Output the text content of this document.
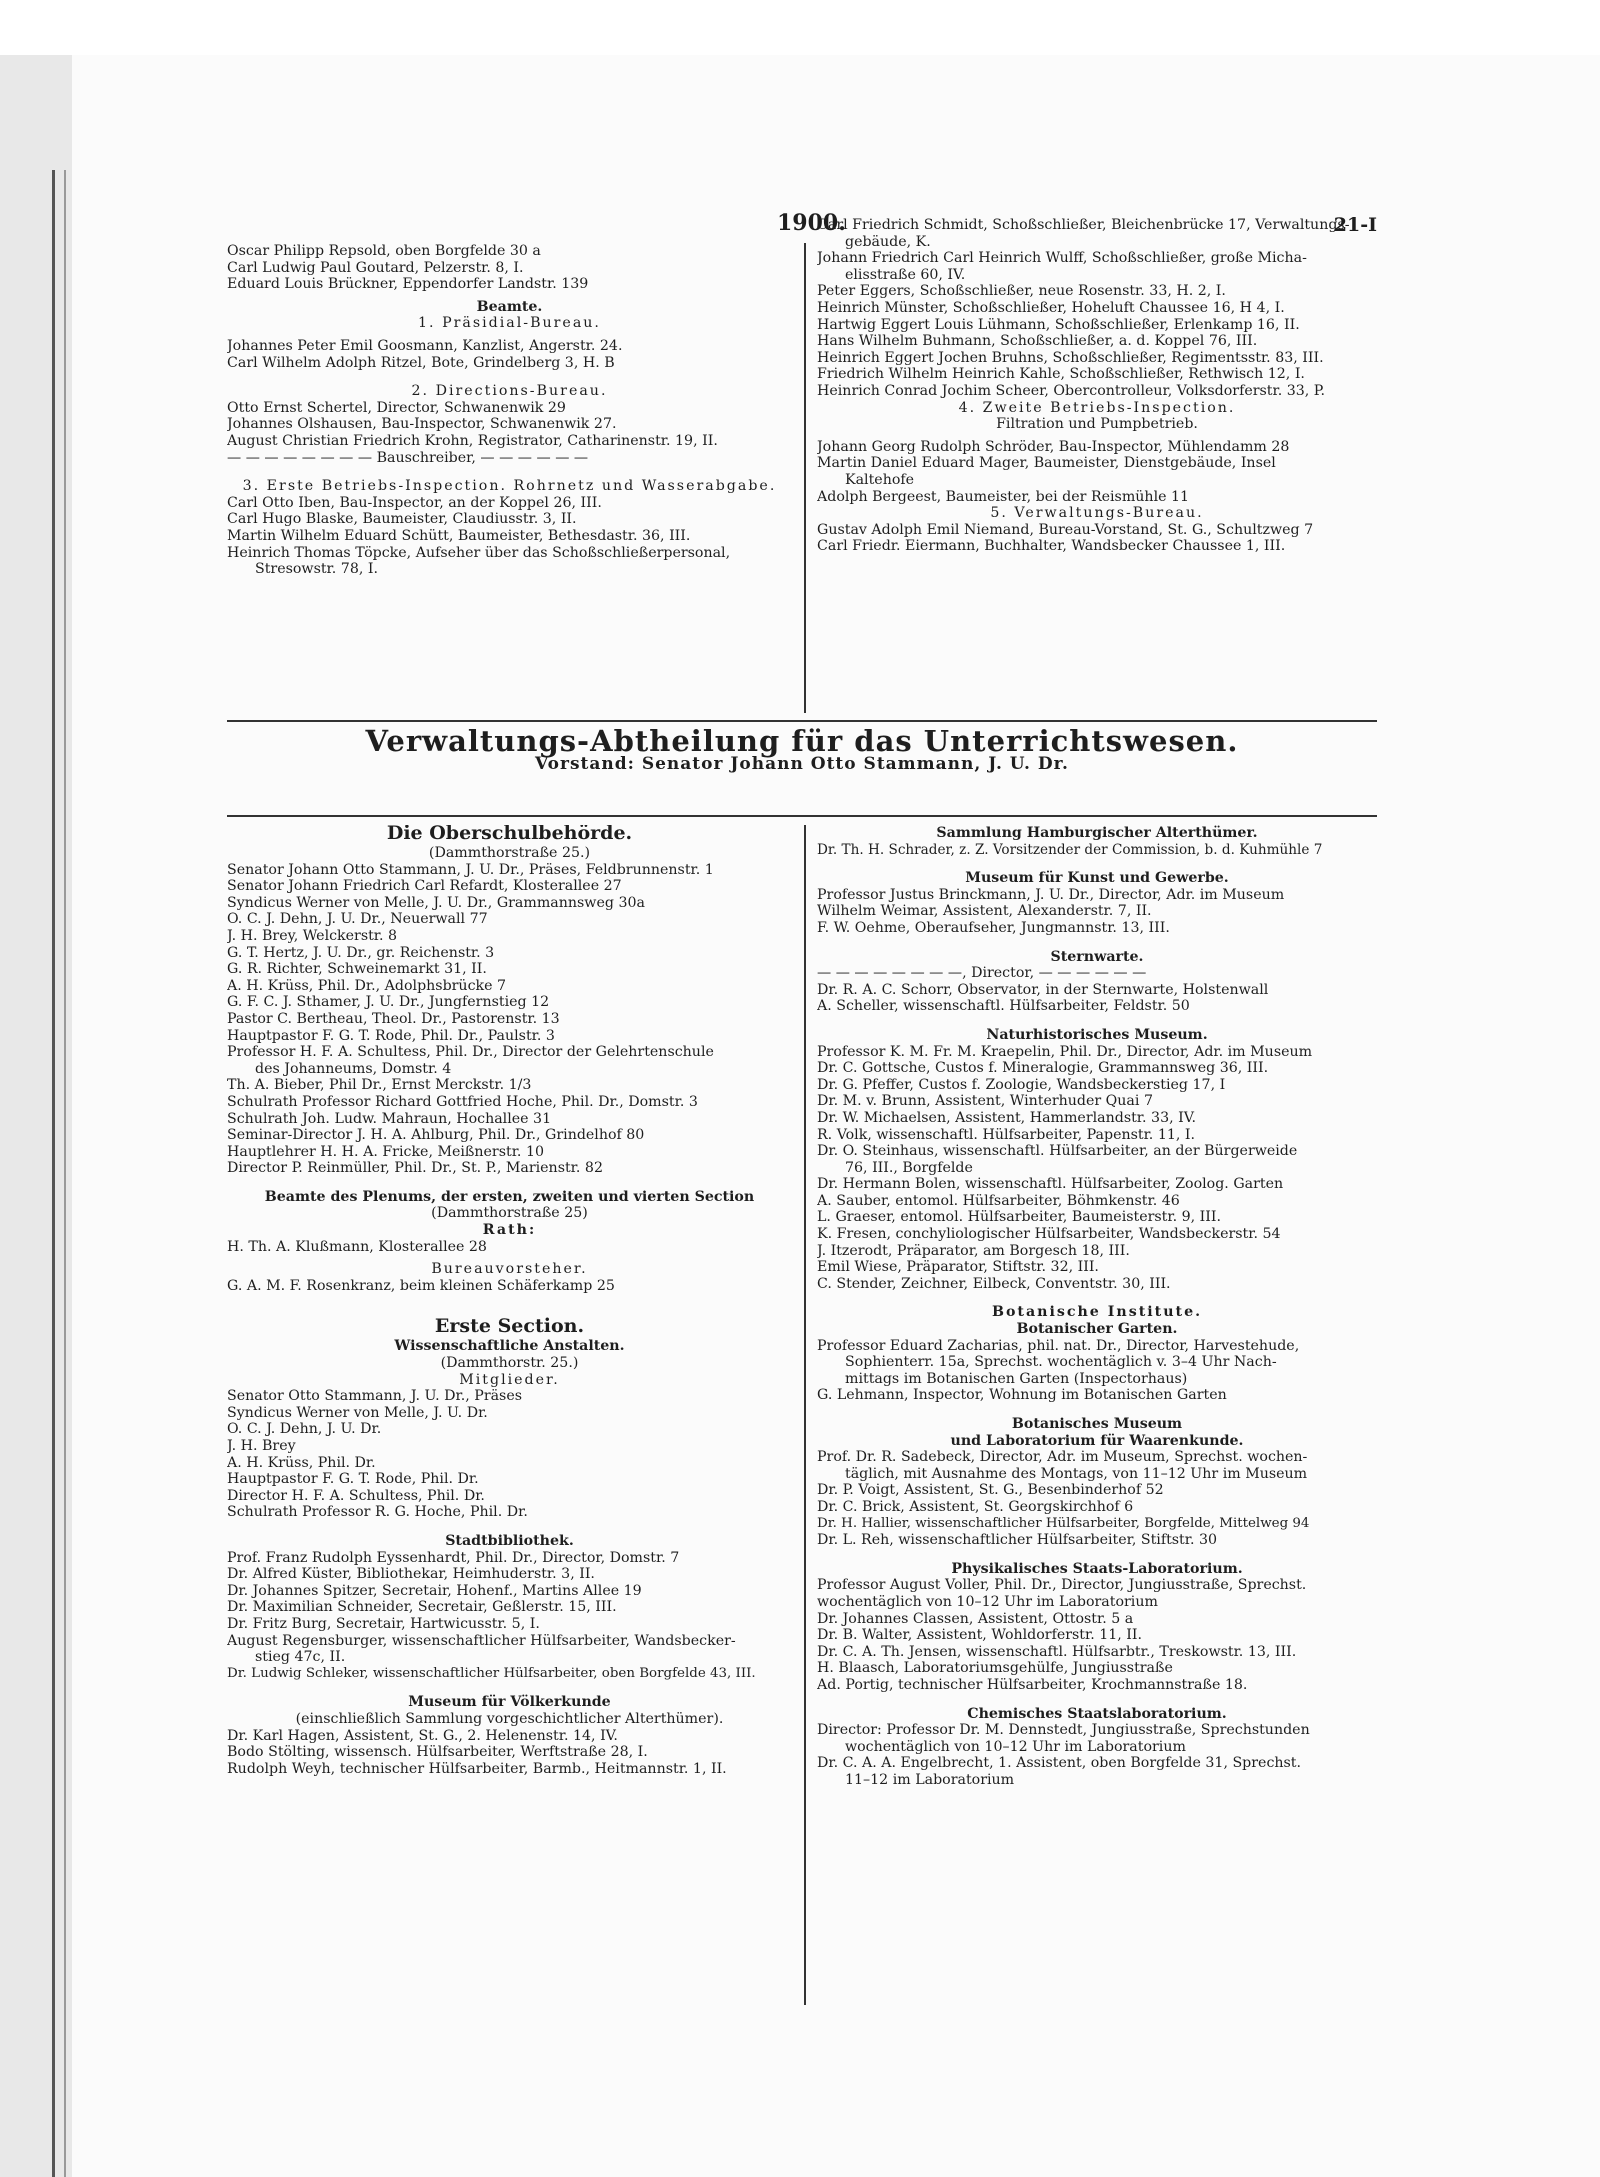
1900.	21-I
Oscar Philipp Repsold, oben Borgfelde 30 a
Carl Ludwig Paul Goutard, Pelzerstr. 8, I.
Eduard Louis Brückner, Eppendorfer Landstr. 139
Beamte.
1. Präsidial-Bureau.
Johannes Peter Emil Goosmann, Kanzlist, Angerstr. 24.
Carl Wilhelm Adolph Ritzel, Bote, Grindelberg 3, H. B
2. Directions-Bureau.
Otto Ernst Schertel, Director, Schwanenwik 29
Johannes Olshausen, Bau-Inspector, Schwanenwik 27.
August Christian Friedrich Krohn, Registrator, Catharinenstr. 19, II.
— — — — — — — — Bauschreiber, — — — — — —
3. Erste Betriebs-Inspection. Rohrnetz und Wasserabgabe.
Carl Otto Iben, Bau-Inspector, an der Koppel 26, III.
Carl Hugo Blaske, Baumeister, Claudiusstr. 3, II.
Martin Wilhelm Eduard Schütt, Baumeister, Bethesdastr. 36, III.
Heinrich Thomas Töpcke, Aufseher über das Schoßschließerpersonal,
Stresowstr. 78, I.
Carl Friedrich Schmidt, Schoßschließer, Bleichenbrücke 17, Verwaltungs-
gebäude, K.
Johann Friedrich Carl Heinrich Wulff, Schoßschließer, große Micha-
elisstraße 60, IV.
Peter Eggers, Schoßschließer, neue Rosenstr. 33, H. 2, I.
Heinrich Münster, Schoßschließer, Hoheluft Chaussee 16, H 4, I.
Hartwig Eggert Louis Lühmann, Schoßschließer, Erlenkamp 16, II.
Hans Wilhelm Buhmann, Schoßschließer, a. d. Koppel 76, III.
Heinrich Eggert Jochen Bruhns, Schoßschließer, Regimentsstr. 83, III.
Friedrich Wilhelm Heinrich Kahle, Schoßschließer, Rethwisch 12, I.
Heinrich Conrad Jochim Scheer, Obercontrolleur, Volksdorferstr. 33, P.
4. Zweite Betriebs-Inspection.
Filtration und Pumpbetrieb.
Johann Georg Rudolph Schröder, Bau-Inspector, Mühlendamm 28
Martin Daniel Eduard Mager, Baumeister, Dienstgebäude, Insel
Kaltehofe
Adolph Bergeest, Baumeister, bei der Reismühle 11
5. Verwaltungs-Bureau.
Gustav Adolph Emil Niemand, Bureau-Vorstand, St. G., Schultzweg 7
Carl Friedr. Eiermann, Buchhalter, Wandsbecker Chaussee 1, III.
Verwaltungs-Abtheilung für das Unterrichtswesen.
Vorstand: Senator Johann Otto Stammann, J. U. Dr.
Die Oberschulbehörde.
(Dammthorstraße 25.)
Senator Johann Otto Stammann, J. U. Dr., Präses, Feldbrunnenstr. 1
Senator Johann Friedrich Carl Refardt, Klosterallee 27
Syndicus Werner von Melle, J. U. Dr., Grammannsweg 30a
O. C. J. Dehn, J. U. Dr., Neuerwall 77
J. H. Brey, Welckerstr. 8
G. T. Hertz, J. U. Dr., gr. Reichenstr. 3
G. R. Richter, Schweinemarkt 31, II.
A. H. Krüss, Phil. Dr., Adolphsbrücke 7
G. F. C. J. Sthamer, J. U. Dr., Jungfernstieg 12
Pastor C. Bertheau, Theol. Dr., Pastorenstr. 13
Hauptpastor F. G. T. Rode, Phil. Dr., Paulstr. 3
Professor H. F. A. Schultess, Phil. Dr., Director der Gelehrtenschule
des Johanneums, Domstr. 4
Th. A. Bieber, Phil Dr., Ernst Merckstr. 1/3
Schulrath Professor Richard Gottfried Hoche, Phil. Dr., Domstr. 3
Schulrath Joh. Ludw. Mahraun, Hochallee 31
Seminar-Director J. H. A. Ahlburg, Phil. Dr., Grindelhof 80
Hauptlehrer H. H. A. Fricke, Meißnerstr. 10
Director P. Reinmüller, Phil. Dr., St. P., Marienstr. 82
Beamte des Plenums, der ersten, zweiten und vierten Section
(Dammthorstraße 25)
Rath:
H. Th. A. Klußmann, Klosterallee 28
Bureauvorsteher.
G. A. M. F. Rosenkranz, beim kleinen Schäferkamp 25
Erste Section.
Wissenschaftliche Anstalten.
(Dammthorstr. 25.)
Mitglieder.
Senator Otto Stammann, J. U. Dr., Präses
Syndicus Werner von Melle, J. U. Dr.
O. C. J. Dehn, J. U. Dr.
J. H. Brey
A. H. Krüss, Phil. Dr.
Hauptpastor F. G. T. Rode, Phil. Dr.
Director H. F. A. Schultess, Phil. Dr.
Schulrath Professor R. G. Hoche, Phil. Dr.
Stadtbibliothek.
Prof. Franz Rudolph Eyssenhardt, Phil. Dr., Director, Domstr. 7
Dr. Alfred Küster, Bibliothekar, Heimhuderstr. 3, II.
Dr. Johannes Spitzer, Secretair, Hohenf., Martins Allee 19
Dr. Maximilian Schneider, Secretair, Geßlerstr. 15, III.
Dr. Fritz Burg, Secretair, Hartwicusstr. 5, I.
August Regensburger, wissenschaftlicher Hülfsarbeiter, Wandsbecker-
stieg 47c, II.
Dr. Ludwig Schleker, wissenschaftlicher Hülfsarbeiter, oben Borgfelde 43, III.
Museum für Völkerkunde
(einschließlich Sammlung vorgeschichtlicher Alterthümer).
Dr. Karl Hagen, Assistent, St. G., 2. Helenenstr. 14, IV.
Bodo Stölting, wissensch. Hülfsarbeiter, Werftstraße 28, I.
Rudolph Weyh, technischer Hülfsarbeiter, Barmb., Heitmannstr. 1, II.
Sammlung Hamburgischer Alterthümer.
Dr. Th. H. Schrader, z. Z. Vorsitzender der Commission, b. d. Kuhmühle 7
Museum für Kunst und Gewerbe.
Professor Justus Brinckmann, J. U. Dr., Director, Adr. im Museum
Wilhelm Weimar, Assistent, Alexanderstr. 7, II.
F. W. Oehme, Oberaufseher, Jungmannstr. 13, III.
Sternwarte.
— — — — — — — —, Director, — — — — — —
Dr. R. A. C. Schorr, Observator, in der Sternwarte, Holstenwall
A. Scheller, wissenschaftl. Hülfsarbeiter, Feldstr. 50
Naturhistorisches Museum.
Professor K. M. Fr. M. Kraepelin, Phil. Dr., Director, Adr. im Museum
Dr. C. Gottsche, Custos f. Mineralogie, Grammannsweg 36, III.
Dr. G. Pfeffer, Custos f. Zoologie, Wandsbeckerstieg 17, I
Dr. M. v. Brunn, Assistent, Winterhuder Quai 7
Dr. W. Michaelsen, Assistent, Hammerlandstr. 33, IV.
R. Volk, wissenschaftl. Hülfsarbeiter, Papenstr. 11, I.
Dr. O. Steinhaus, wissenschaftl. Hülfsarbeiter, an der Bürgerweide
76, III., Borgfelde
Dr. Hermann Bolen, wissenschaftl. Hülfsarbeiter, Zoolog. Garten
A. Sauber, entomol. Hülfsarbeiter, Böhmkenstr. 46
L. Graeser, entomol. Hülfsarbeiter, Baumeisterstr. 9, III.
K. Fresen, conchyliologischer Hülfsarbeiter, Wandsbeckerstr. 54
J. Itzerodt, Präparator, am Borgesch 18, III.
Emil Wiese, Präparator, Stiftstr. 32, III.
C. Stender, Zeichner, Eilbeck, Conventstr. 30, III.
Botanische Institute.
Botanischer Garten.
Professor Eduard Zacharias, phil. nat. Dr., Director, Harvestehude,
Sophienterr. 15a, Sprechst. wochentäglich v. 3–4 Uhr Nach-
mittags im Botanischen Garten (Inspectorhaus)
G. Lehmann, Inspector, Wohnung im Botanischen Garten
Botanisches Museum
und Laboratorium für Waarenkunde.
Prof. Dr. R. Sadebeck, Director, Adr. im Museum, Sprechst. wochen-
täglich, mit Ausnahme des Montags, von 11–12 Uhr im Museum
Dr. P. Voigt, Assistent, St. G., Besenbinderhof 52
Dr. C. Brick, Assistent, St. Georgskirchhof 6
Dr. H. Hallier, wissenschaftlicher Hülfsarbeiter, Borgfelde, Mittelweg 94
Dr. L. Reh, wissenschaftlicher Hülfsarbeiter, Stiftstr. 30
Physikalisches Staats-Laboratorium.
Professor August Voller, Phil. Dr., Director, Jungiusstraße, Sprechst.
wochentäglich von 10–12 Uhr im Laboratorium
Dr. Johannes Classen, Assistent, Ottostr. 5 a
Dr. B. Walter, Assistent, Wohldorferstr. 11, II.
Dr. C. A. Th. Jensen, wissenschaftl. Hülfsarbtr., Treskowstr. 13, III.
H. Blaasch, Laboratoriumsgehülfe, Jungiusstraße
Ad. Portig, technischer Hülfsarbeiter, Krochmannstraße 18.
Chemisches Staatslaboratorium.
Director: Professor Dr. M. Dennstedt, Jungiusstraße, Sprechstunden
wochentäglich von 10–12 Uhr im Laboratorium
Dr. C. A. A. Engelbrecht, 1. Assistent, oben Borgfelde 31, Sprechst.
11–12 im Laboratorium
